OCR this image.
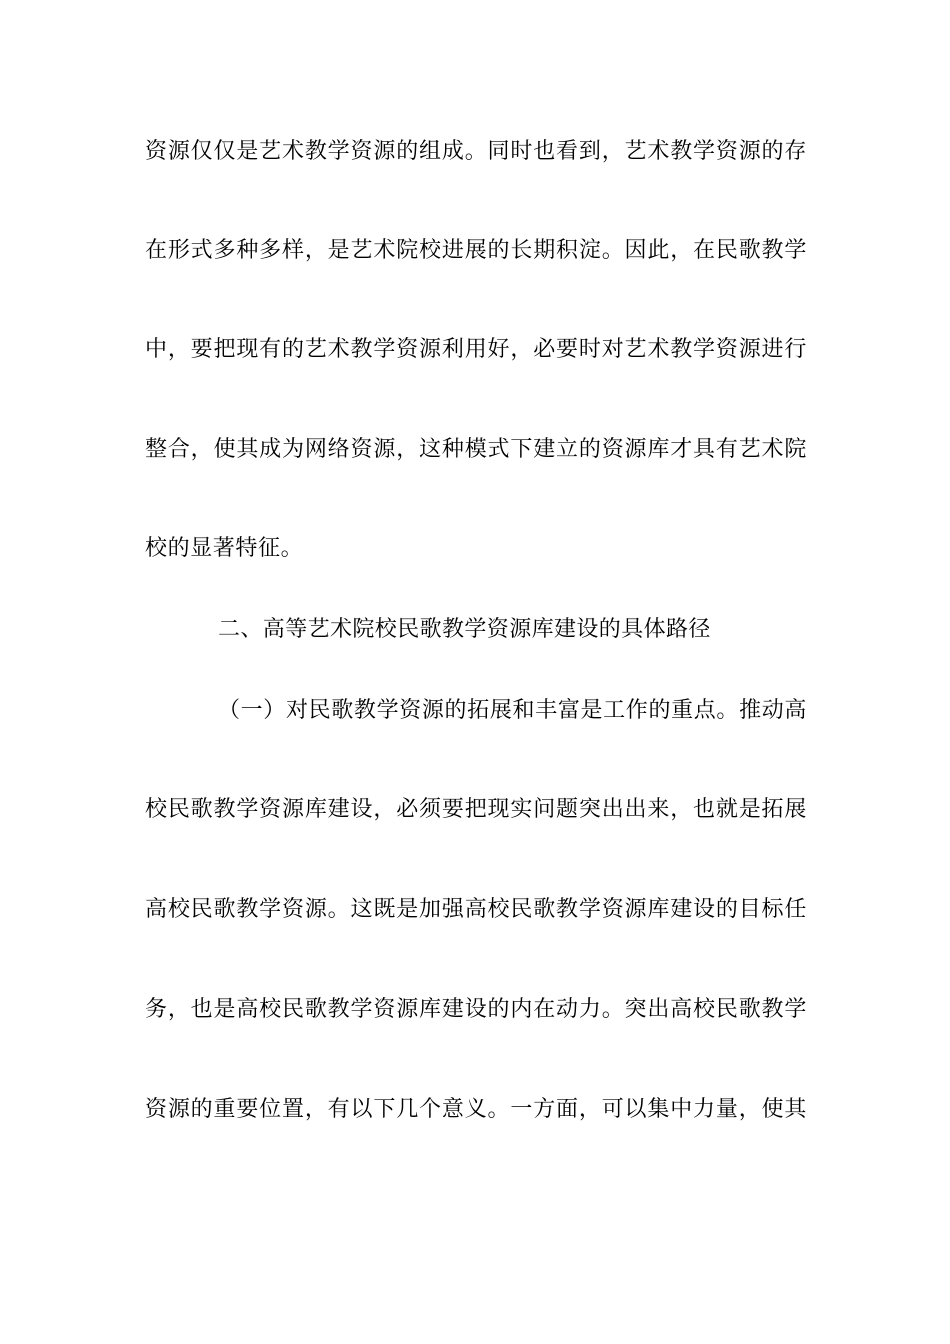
资源仅仅是艺术教学资源的组成。同时也看到，艺术教学资源的存
在形式多种多样，是艺术院校进展的长期积淀。因此，在民歌教学
中，要把现有的艺术教学资源利用好，必要时对艺术教学资源进行
整合，使其成为网络资源，这种模式下建立的资源库才具有艺术院
校的显著特征。
二、高等艺术院校民歌教学资源库建设的具体路径
（一）对民歌教学资源的拓展和丰富是工作的重点。推动高
校民歌教学资源库建设，必须要把现实问题突出出来，也就是拓展
高校民歌教学资源。这既是加强高校民歌教学资源库建设的目标任
务，也是高校民歌教学资源库建设的内在动力。突出高校民歌教学
资源的重要位置，有以下几个意义。一方面，可以集中力量，使其
